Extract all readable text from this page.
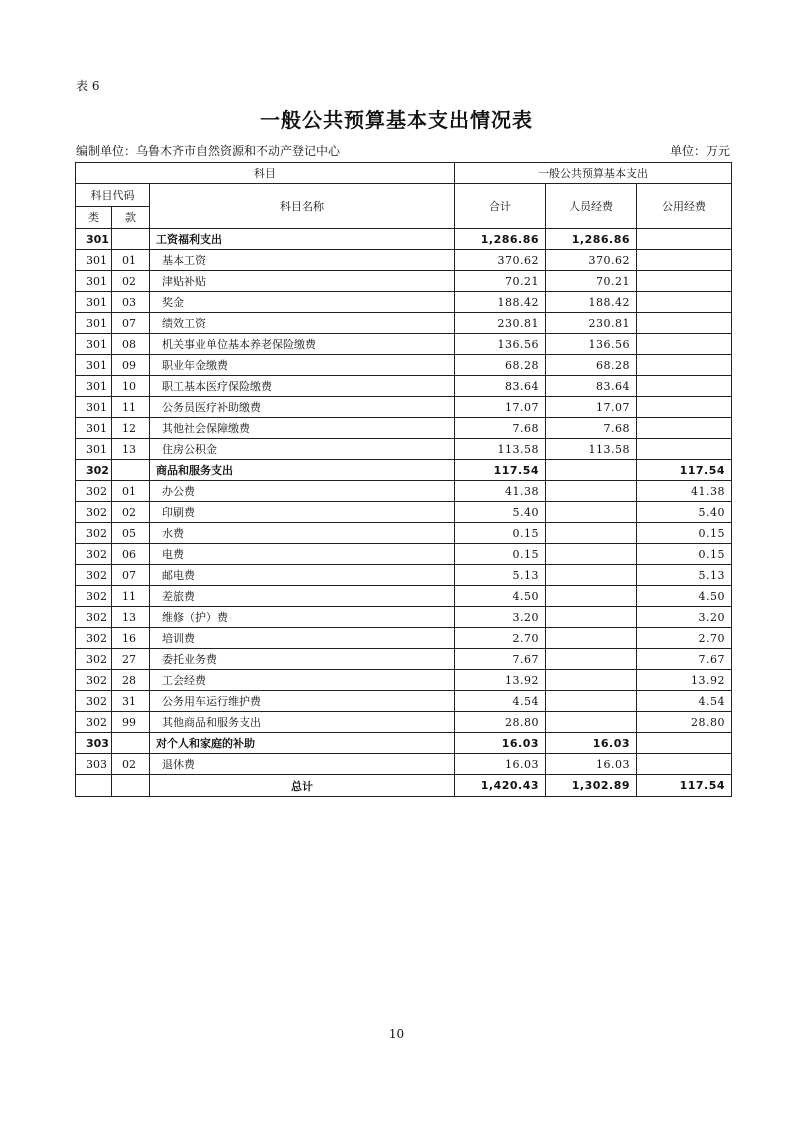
表 6
一般公共预算基本支出情况表
编制单位：乌鲁木齐市自然资源和不动产登记中心	单位：万元
科目			一般公共预算基本支出		
科目代码		科目名称	合计	人员经费	公用经费
类	款				
301		工资福利支出	1,286.86	1,286.86	
301	01	基本工资	370.62	370.62	
301	02	津贴补贴	70.21	70.21	
301	03	奖金	188.42	188.42	
301	07	绩效工资	230.81	230.81	
301	08	机关事业单位基本养老保险缴费	136.56	136.56	
301	09	职业年金缴费	68.28	68.28	
301	10	职工基本医疗保险缴费	83.64	83.64	
301	11	公务员医疗补助缴费	17.07	17.07	
301	12	其他社会保障缴费	7.68	7.68	
301	13	住房公积金	113.58	113.58	
302		商品和服务支出	117.54		117.54
302	01	办公费	41.38		41.38
302	02	印刷费	5.40		5.40
302	05	水费	0.15		0.15
302	06	电费	0.15		0.15
302	07	邮电费	5.13		5.13
302	11	差旅费	4.50		4.50
302	13	维修（护）费	3.20		3.20
302	16	培训费	2.70		2.70
302	27	委托业务费	7.67		7.67
302	28	工会经费	13.92		13.92
302	31	公务用车运行维护费	4.54		4.54
302	99	其他商品和服务支出	28.80		28.80
303		对个人和家庭的补助	16.03	16.03	
303	02	退休费	16.03	16.03	
		总计	1,420.43	1,302.89	117.54
10
